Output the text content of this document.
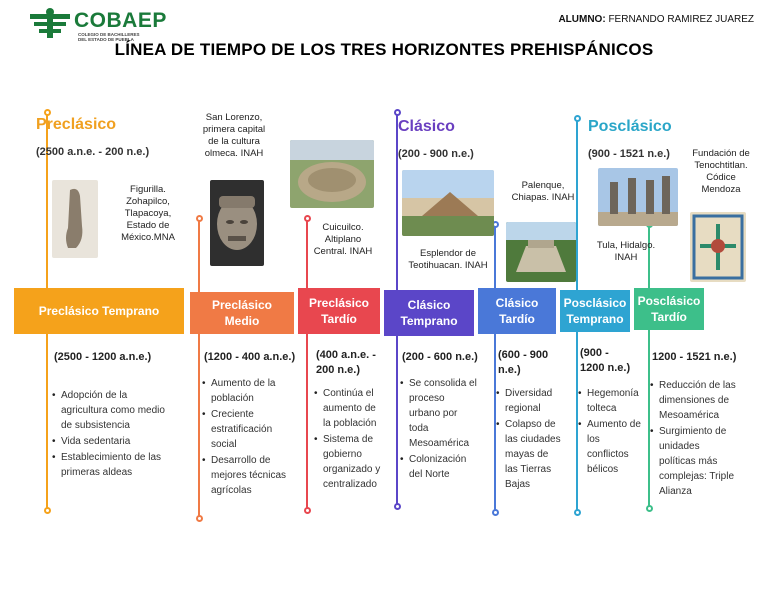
COBAEP
COLEGIO DE BACHILLERES
DEL ESTADO DE PUEBLA
ALUMNO: FERNANDO RAMIREZ JUAREZ
LÍNEA DE TIEMPO DE LOS TRES HORIZONTES PREHISPÁNICOS
Preclásico
(2500 a.n.e. - 200 n.e.)
Clásico
(200 - 900 n.e.)
Posclásico
(900 - 1521 n.e.)
Figurilla.
Zohapilco,
Tlapacoya,
Estado de
México.MNA
San Lorenzo,
primera capital
de la cultura
olmeca. INAH
Cuicuilco.
Altiplano
Central. INAH	Esplendor de
Teotihuacan. INAH
Palenque,
Chiapas. INAH
Tula, Hidalgo.
INAH
Fundación de
Tenochtitlan.
Códice
Mendoza
Preclásico Temprano	Preclásico
Medio
Preclásico
Tardío
Clásico
Temprano
Clásico
Tardío
Posclásico
Temprano
Posclásico
Tardío
(2500 - 1200 a.n.e.)
• Adopción de la
agricultura como medio
de subsistencia
• Vida sedentaria
• Establecimiento de las
primeras aldeas
(1200 - 400 a.n.e.)
• Aumento de la
población
• Creciente
estratificación
social
• Desarrollo de
mejores técnicas
agrícolas
(400 a.n.e. -
200 n.e.)
• Continúa el
aumento de
la población
• Sistema de
gobierno
organizado y
centralizado
(200 - 600 n.e.)
• Se consolida el
proceso
urbano por
toda
Mesoamérica
• Colonización
del Norte
(600 - 900
n.e.)
• Diversidad
regional
• Colapso de
las ciudades
mayas de
las Tierras
Bajas
(900 -
1200 n.e.)
• Hegemonía
tolteca
• Aumento de
los
conflictos
bélicos
1200 - 1521 n.e.)
• Reducción de las
dimensiones de
Mesoamérica
• Surgimiento de
unidades
políticas más
complejas: Triple
Alianza
